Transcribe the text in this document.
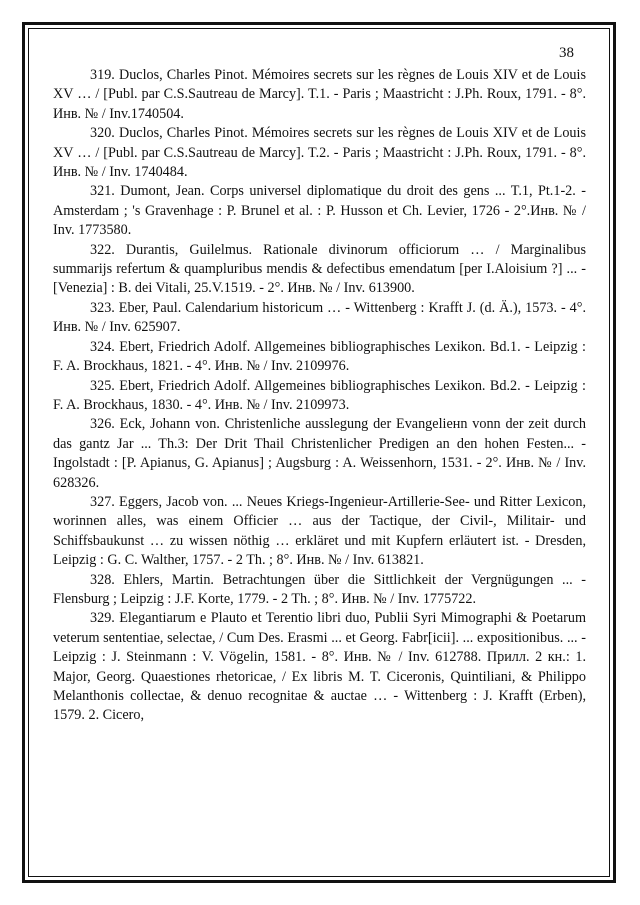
38

319. Duclos, Charles Pinot. Mémoires secrets sur les règnes de Louis XIV et de Louis XV … / [Publ. par C.S.Sautreau de Marcy]. T.1. - Paris ; Maastricht : J.Ph. Roux, 1791. - 8°. Инв. № / Inv.1740504.

320. Duclos, Charles Pinot. Mémoires secrets sur les règnes de Louis XIV et de Louis XV … / [Publ. par C.S.Sautreau de Marcy]. T.2. - Paris ; Maastricht : J.Ph. Roux, 1791. - 8°. Инв. № / Inv. 1740484.

321. Dumont, Jean. Corps universel diplomatique du droit des gens ... T.1, Pt.1-2. - Amsterdam ; 's Gravenhage : P. Brunel et al. : P. Husson et Ch. Levier, 1726 - 2°.Инв. № / Inv. 1773580.

322. Durantis, Guilelmus. Rationale divinorum officiorum … / Marginalibus summarijs refertum & quampluribus mendis & defectibus emendatum [per I.Aloisium ?] ... - [Venezia] : B. dei Vitali, 25.V.1519. - 2°. Инв. № / Inv. 613900.

323. Eber, Paul. Calendarium historicum … - Wittenberg : Krafft J. (d. Ä.), 1573. - 4°. Инв. № / Inv. 625907.

324. Ebert, Friedrich Adolf. Allgemeines bibliographisches Lexikon. Bd.1. - Leipzig : F. A. Brockhaus, 1821. - 4°. Инв. № / Inv. 2109976.

325. Ebert, Friedrich Adolf. Allgemeines bibliographisches Lexikon. Bd.2. - Leipzig : F. A. Brockhaus, 1830. - 4°. Инв. № / Inv. 2109973.

326. Eck, Johann von. Christenliche ausslegung der Evangeliенn vonn der zeit durch das gantz Jar ... Th.3: Der Drit Thail Christenlicher Predigen an den hohen Festen... - Ingolstadt : [P. Apianus, G. Apianus] ; Augsburg : A. Weissenhorn, 1531. - 2°. Инв. № / Inv. 628326.

327. Eggers, Jacob von. ... Neues Kriegs-Ingenieur-Artillerie-See- und Ritter Lexicon, worinnen alles, was einem Officier … aus der Tactique, der Civil-, Militair- und Schiffsbaukunst … zu wissen nöthig … erkläret und mit Kupfern erläutert ist. - Dresden, Leipzig : G. C. Walther, 1757. - 2 Th. ; 8°. Инв. № / Inv. 613821.

328. Ehlers, Martin. Betrachtungen über die Sittlichkeit der Vergnügungen ... - Flensburg ; Leipzig : J.F. Korte, 1779. - 2 Th. ; 8°. Инв. № / Inv. 1775722.

329. Elegantiarum e Plauto et Terentio libri duo, Publii Syri Mimographi & Poetarum veterum sententiae, selectae, / Cum Des. Erasmi ... et Georg. Fabr[icii]. ... expositionibus. ... - Leipzig : J. Steinmann : V. Vögelin, 1581. - 8°. Инв. № / Inv. 612788. Прилл. 2 кн.: 1. Major, Georg. Quaestiones rhetoricae, / Ex libris M. T. Ciceronis, Quintiliani, & Philippo Melanthonis collectae, & denuo recognitae & auctae … - Wittenberg : J. Krafft (Erben), 1579. 2. Cicero,
